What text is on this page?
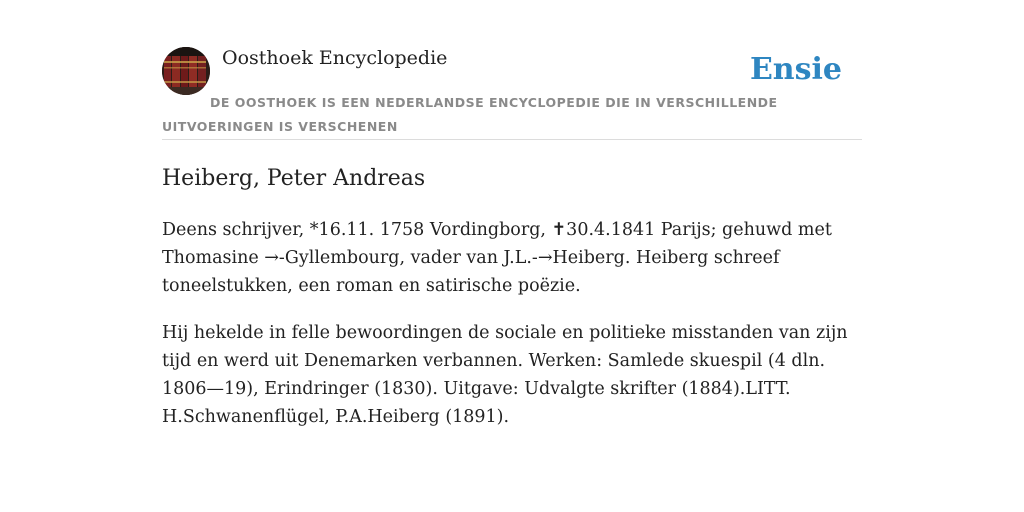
Oosthoek Encyclopedie	Ensie
DE OOSTHOEK IS EEN NEDERLANDSE ENCYCLOPEDIE DIE IN VERSCHILLENDE UITVOERINGEN IS VERSCHENEN
Heiberg, Peter Andreas

Deens schrijver, *16.11. 1758 Vordingborg, ✝30.4.1841 Parijs; gehuwd met Thomasine →-Gyllembourg, vader van J.L.-→Heiberg. Heiberg schreef toneelstukken, een roman en satirische poëzie.

Hij hekelde in felle bewoordingen de sociale en politieke misstanden van zijn tijd en werd uit Denemarken verbannen. Werken: Samlede skuespil (4 dln. 1806—19), Erindringer (1830). Uitgave: Udvalgte skrifter (1884).LITT. H.Schwanenflügel, P.A.Heiberg (1891).
